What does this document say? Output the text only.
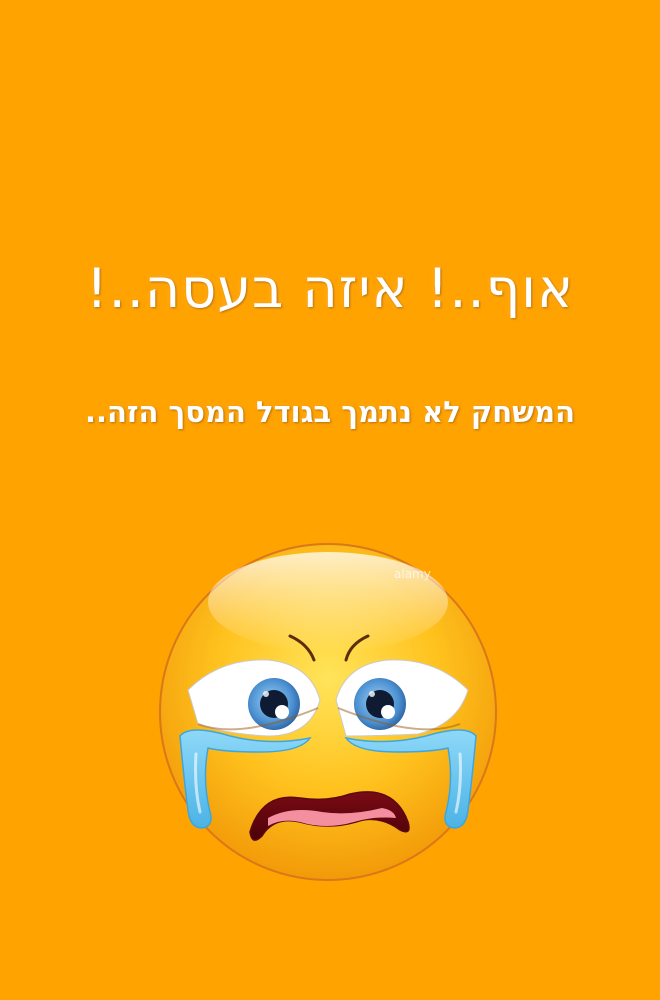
אוף..! איזה בעסה..!
המשחק לא נתמך בגודל המסך הזה..
alamy
